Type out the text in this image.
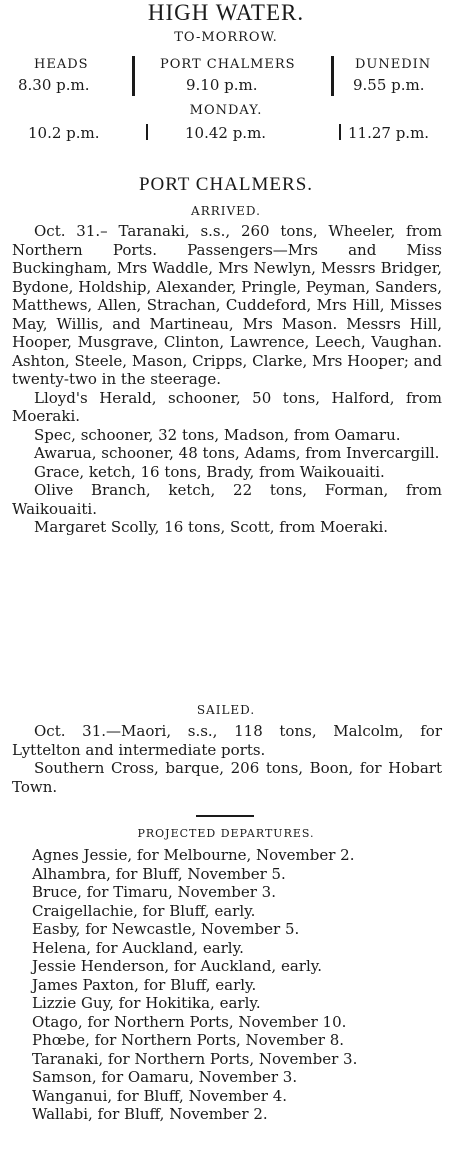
HIGH WATER.
TO-MORROW.
HEADS	PORT CHALMERS	DUNEDIN
8.30 p.m.	9.10 p.m.	9.55 p.m.
MONDAY.
10.2 p.m.	10.42 p.m.	11.27 p.m.
PORT CHALMERS.
ARRIVED.

Oct. 31.– Taranaki, s.s., 260 tons, Wheeler, from Northern Ports. Passengers—Mrs and Miss Buckingham, Mrs Waddle, Mrs Newlyn, Messrs Bridger, Bydone, Holdship, Alexander, Pringle, Peyman, Sanders, Matthews, Allen, Strachan, Cuddeford, Mrs Hill, Misses May, Willis, and Martineau, Mrs Mason. Messrs Hill, Hooper, Musgrave, Clinton, Lawrence, Leech, Vaughan. Ashton, Steele, Mason, Cripps, Clarke, Mrs Hooper; and twenty-two in the steerage.

Lloyd's Herald, schooner, 50 tons, Halford, from Moeraki.

Spec, schooner, 32 tons, Madson, from Oamaru.

Awarua, schooner, 48 tons, Adams, from Invercargill.

Grace, ketch, 16 tons, Brady, from Waikouaiti.

Olive Branch, ketch, 22 tons, Forman, from Waikouaiti.

Margaret Scolly, 16 tons, Scott, from Moeraki.

SAILED.

Oct. 31.—Maori, s.s., 118 tons, Malcolm, for Lyttelton and intermediate ports.

Southern Cross, barque, 206 tons, Boon, for Hobart Town.

PROJECTED DEPARTURES.
Agnes Jessie, for Melbourne, November 2.
Alhambra, for Bluff, November 5.
Bruce, for Timaru, November 3.
Craigellachie, for Bluff, early.
Easby, for Newcastle, November 5.
Helena, for Auckland, early.
Jessie Henderson, for Auckland, early.
James Paxton, for Bluff, early.
Lizzie Guy, for Hokitika, early.
Otago, for Northern Ports, November 10.
Phœbe, for Northern Ports, November 8.
Taranaki, for Northern Ports, November 3.
Samson, for Oamaru, November 3.
Wanganui, for Bluff, November 4.
Wallabi, for Bluff, November 2.
